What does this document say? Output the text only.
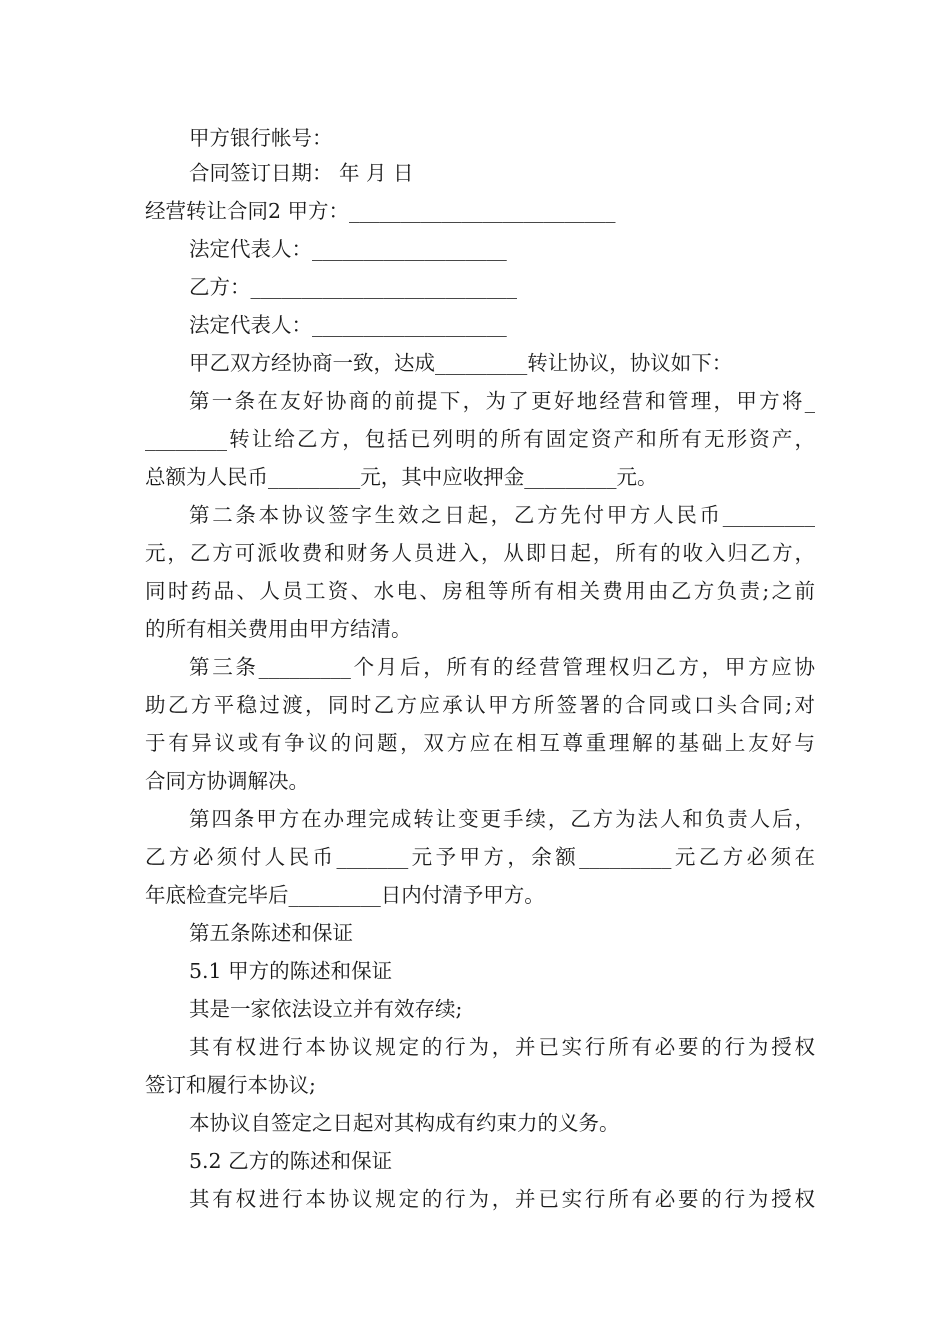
甲方银行帐号：
合同签订日期： 年 月 日
经营转让合同2 甲方：__________________________
法定代表人：___________________
乙方：__________________________
法定代表人：___________________
甲乙双方经协商一致，达成_________转让协议，协议如下：
第一条在友好协商的前提下，为了更好地经营和管理，甲方将_
________转让给乙方，包括已列明的所有固定资产和所有无形资产，
总额为人民币_________元，其中应收押金_________元。
第二条本协议签字生效之日起，乙方先付甲方人民币_________
元，乙方可派收费和财务人员进入，从即日起，所有的收入归乙方，
同时药品、人员工资、水电、房租等所有相关费用由乙方负责;之前
的所有相关费用由甲方结清。
第三条_________个月后，所有的经营管理权归乙方，甲方应协
助乙方平稳过渡，同时乙方应承认甲方所签署的合同或口头合同;对
于有异议或有争议的问题，双方应在相互尊重理解的基础上友好与
合同方协调解决。
第四条甲方在办理完成转让变更手续，乙方为法人和负责人后，
乙方必须付人民币_______元予甲方，余额_________元乙方必须在
年底检查完毕后_________日内付清予甲方。
第五条陈述和保证
5.1 甲方的陈述和保证
其是一家依法设立并有效存续;
其有权进行本协议规定的行为，并已实行所有必要的行为授权
签订和履行本协议;
本协议自签定之日起对其构成有约束力的义务。
5.2 乙方的陈述和保证
其有权进行本协议规定的行为，并已实行所有必要的行为授权
